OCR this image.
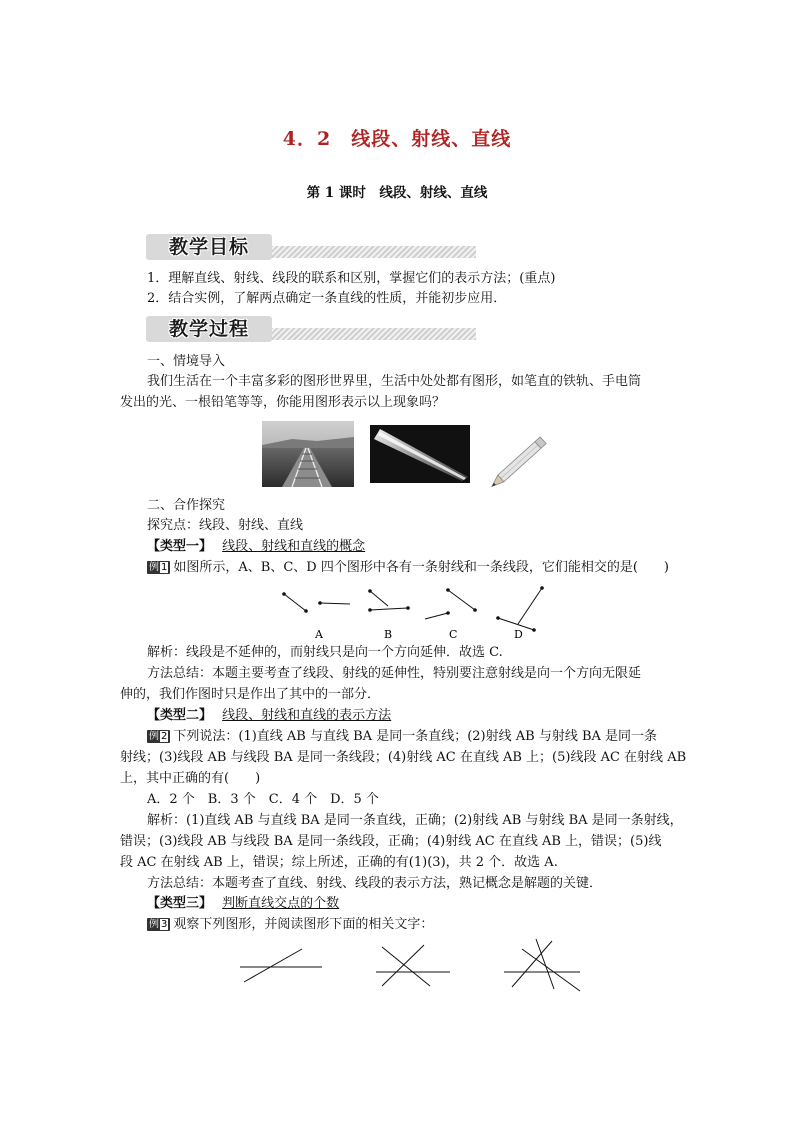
4．2　线段、射线、直线
第 1 课时　线段、射线、直线
教学目标
1．理解直线、射线、线段的联系和区别，掌握它们的表示方法；(重点)
2．结合实例，了解两点确定一条直线的性质，并能初步应用．
教学过程
一、情境导入
我们生活在一个丰富多彩的图形世界里，生活中处处都有图形，如笔直的铁轨、手电筒
发出的光、一根铅笔等等，你能用图形表示以上现象吗？
二、合作探究
探究点：线段、射线、直线
【类型一】 线段、射线和直线的概念
例 1 如图所示，A、B、C、D 四个图形中各有一条射线和一条线段，它们能相交的是(　　)
A	B	C	D
解析：线段是不延伸的，而射线只是向一个方向延伸．故选 C.
方法总结：本题主要考查了线段、射线的延伸性，特别要注意射线是向一个方向无限延
伸的，我们作图时只是作出了其中的一部分．
【类型二】 线段、射线和直线的表示方法
例 2 下列说法：(1)直线 AB 与直线 BA 是同一条直线；(2)射线 AB 与射线 BA 是同一条
射线；(3)线段 AB 与线段 BA 是同一条线段；(4)射线 AC 在直线 AB 上；(5)线段 AC 在射线 AB
上，其中正确的有(　　)
A．2 个　B．3 个　C．4 个　D．5 个
解析：(1)直线 AB 与直线 BA 是同一条直线，正确；(2)射线 AB 与射线 BA 是同一条射线，
错误；(3)线段 AB 与线段 BA 是同一条线段，正确；(4)射线 AC 在直线 AB 上，错误；(5)线
段 AC 在射线 AB 上，错误；综上所述，正确的有(1)(3)，共 2 个．故选 A.
方法总结：本题考查了直线、射线、线段的表示方法，熟记概念是解题的关键．
【类型三】 判断直线交点的个数
例 3 观察下列图形，并阅读图形下面的相关文字：
